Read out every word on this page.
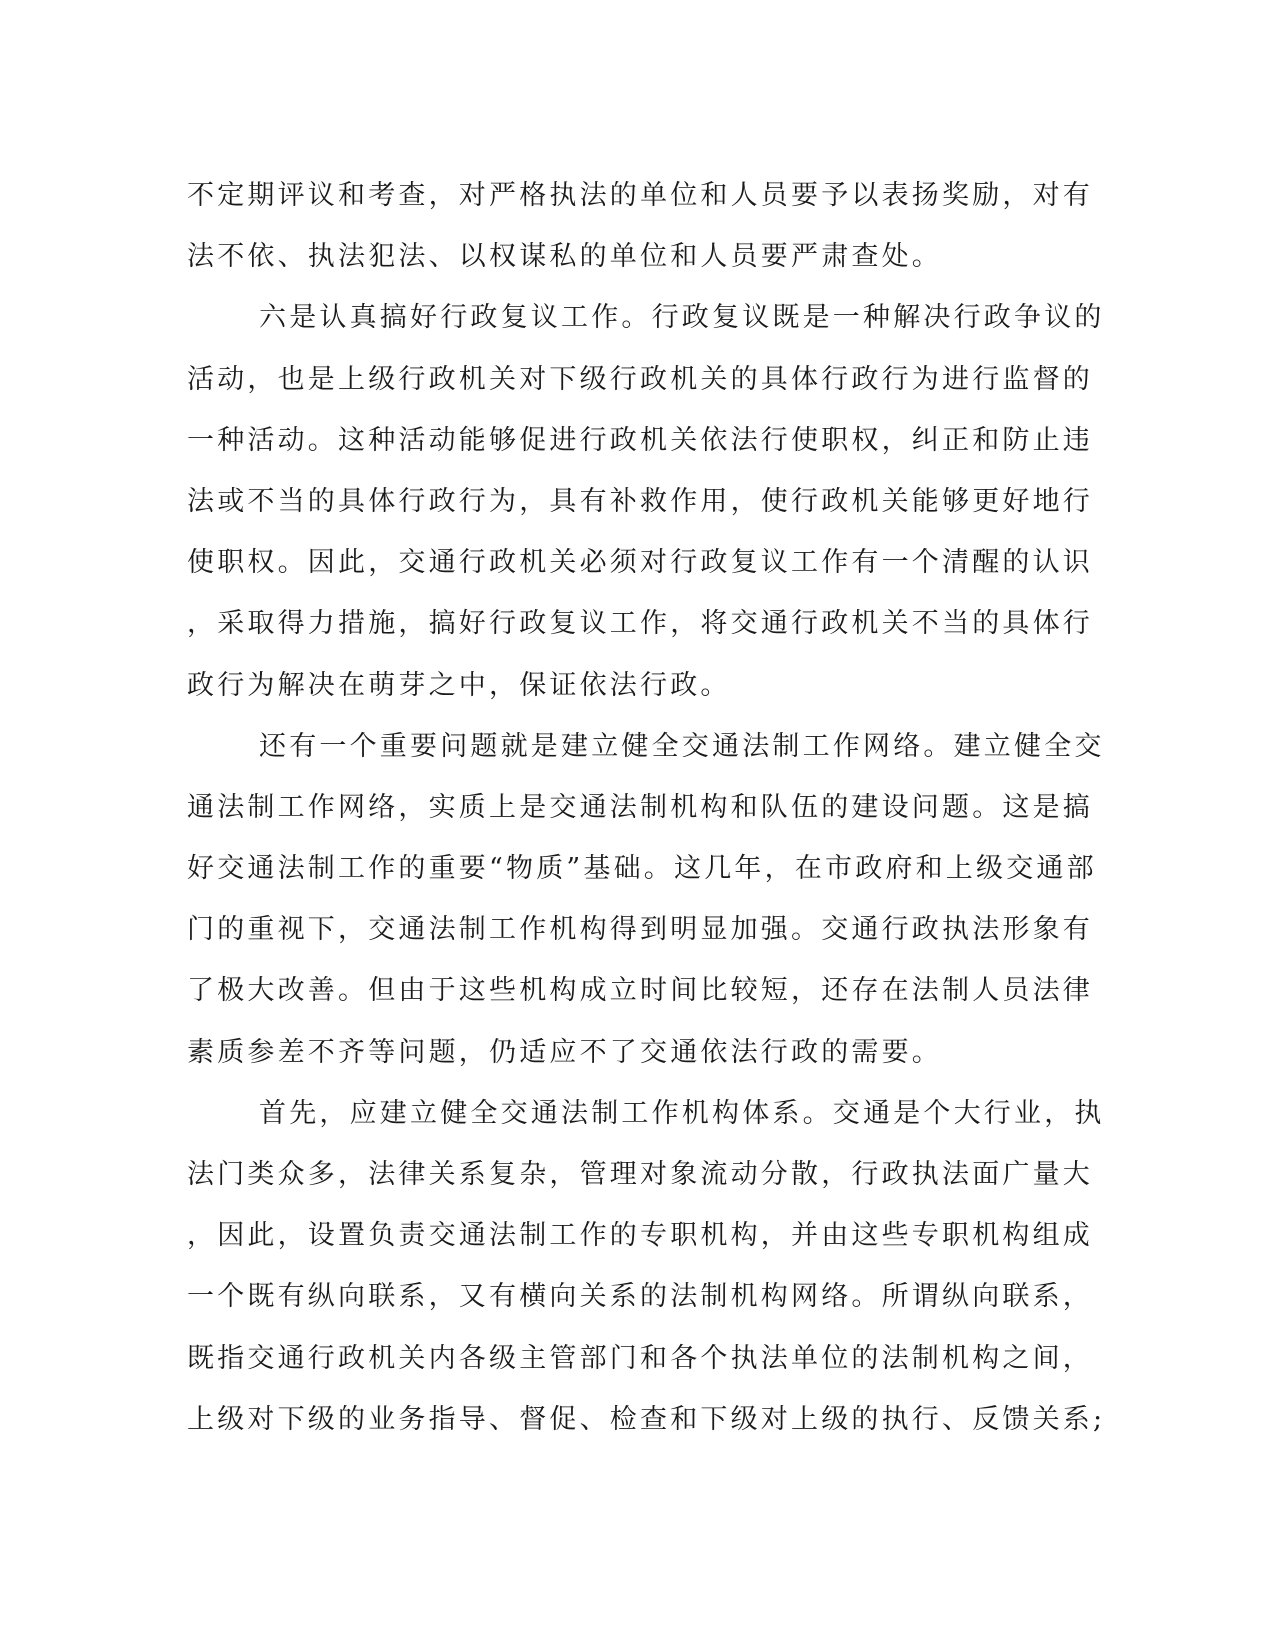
不定期评议和考查，对严格执法的单位和人员要予以表扬奖励，对有
法不依、执法犯法、以权谋私的单位和人员要严肃查处。
六是认真搞好行政复议工作。行政复议既是一种解决行政争议的
活动，也是上级行政机关对下级行政机关的具体行政行为进行监督的
一种活动。这种活动能够促进行政机关依法行使职权，纠正和防止违
法或不当的具体行政行为，具有补救作用，使行政机关能够更好地行
使职权。因此，交通行政机关必须对行政复议工作有一个清醒的认识
，采取得力措施，搞好行政复议工作，将交通行政机关不当的具体行
政行为解决在萌芽之中，保证依法行政。
还有一个重要问题就是建立健全交通法制工作网络。建立健全交
通法制工作网络，实质上是交通法制机构和队伍的建设问题。这是搞
好交通法制工作的重要“物质”基础。这几年，在市政府和上级交通部
门的重视下，交通法制工作机构得到明显加强。交通行政执法形象有
了极大改善。但由于这些机构成立时间比较短，还存在法制人员法律
素质参差不齐等问题，仍适应不了交通依法行政的需要。
首先，应建立健全交通法制工作机构体系。交通是个大行业，执
法门类众多，法律关系复杂，管理对象流动分散，行政执法面广量大
，因此，设置负责交通法制工作的专职机构，并由这些专职机构组成
一个既有纵向联系，又有横向关系的法制机构网络。所谓纵向联系，
既指交通行政机关内各级主管部门和各个执法单位的法制机构之间，
上级对下级的业务指导、督促、检查和下级对上级的执行、反馈关系;
